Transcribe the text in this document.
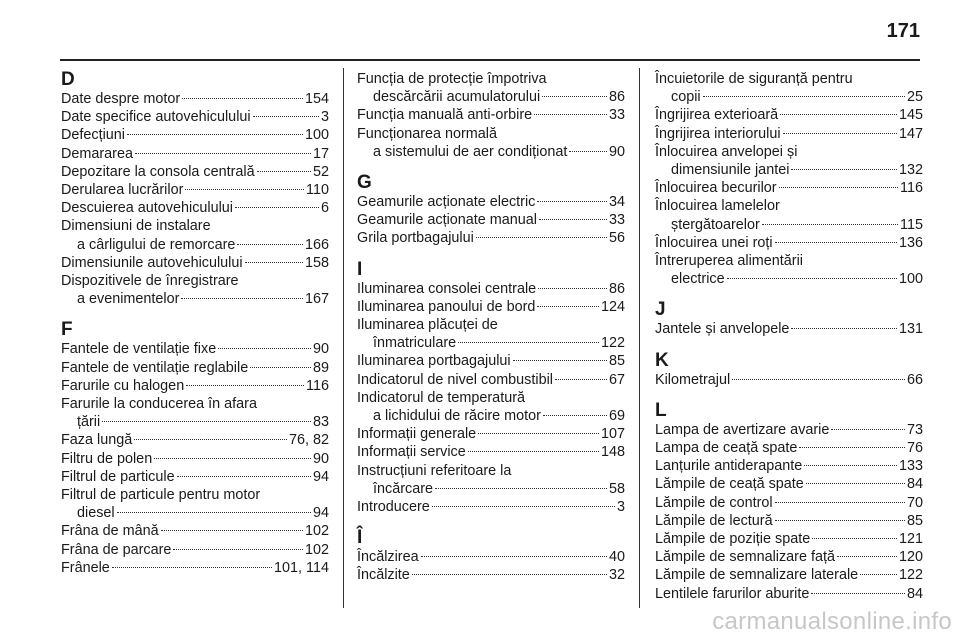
171
D
Date despre motor	154
Date specifice autovehiculului	3
Defecțiuni	100
Demararea	17
Depozitare la consola centrală	52
Derularea lucrărilor	110
Descuierea autovehiculului	6
Dimensiuni de instalare
a cârligului de remorcare	166
Dimensiunile autovehiculului	158
Dispozitivele de înregistrare
a evenimentelor	167
F
Fantele de ventilație fixe	90
Fantele de ventilație reglabile	89
Farurile cu halogen	116
Farurile la conducerea în afara
țării	83
Faza lungă	76, 82
Filtru de polen	90
Filtrul de particule	94
Filtrul de particule pentru motor
diesel	94
Frâna de mână	102
Frâna de parcare	102
Frânele	101, 114
Funcția de protecție împotriva
descărcării acumulatorului	86
Funcția manuală anti-orbire	33
Funcționarea normală
a sistemului de aer condiționat	90
G
Geamurile acționate electric	34
Geamurile acționate manual	33
Grila portbagajului	56
I
Iluminarea consolei centrale	86
Iluminarea panoului de bord	124
Iluminarea plăcuței de
înmatriculare	122
Iluminarea portbagajului	85
Indicatorul de nivel combustibil	67
Indicatorul de temperatură
a lichidului de răcire motor	69
Informații generale	107
Informații service	148
Instrucțiuni referitoare la
încărcare	58
Introducere	3
Î
Încălzirea	40
Încălzite	32
Încuietorile de siguranță pentru
copii	25
Îngrijirea exterioară	145
Îngrijirea interiorului	147
Înlocuirea anvelopei și
dimensiunile jantei	132
Înlocuirea becurilor	116
Înlocuirea lamelelor
ștergătoarelor	115
Înlocuirea unei roți	136
Întreruperea alimentării
electrice	100
J
Jantele și anvelopele	131
K
Kilometrajul	66
L
Lampa de avertizare avarie	73
Lampa de ceață spate	76
Lanțurile antiderapante	133
Lămpile de ceață spate	84
Lămpile de control	70
Lămpile de lectură	85
Lămpile de poziție spate	121
Lămpile de semnalizare față	120
Lămpile de semnalizare laterale	122
Lentilele farurilor aburite	84
carmanualsonline.info
